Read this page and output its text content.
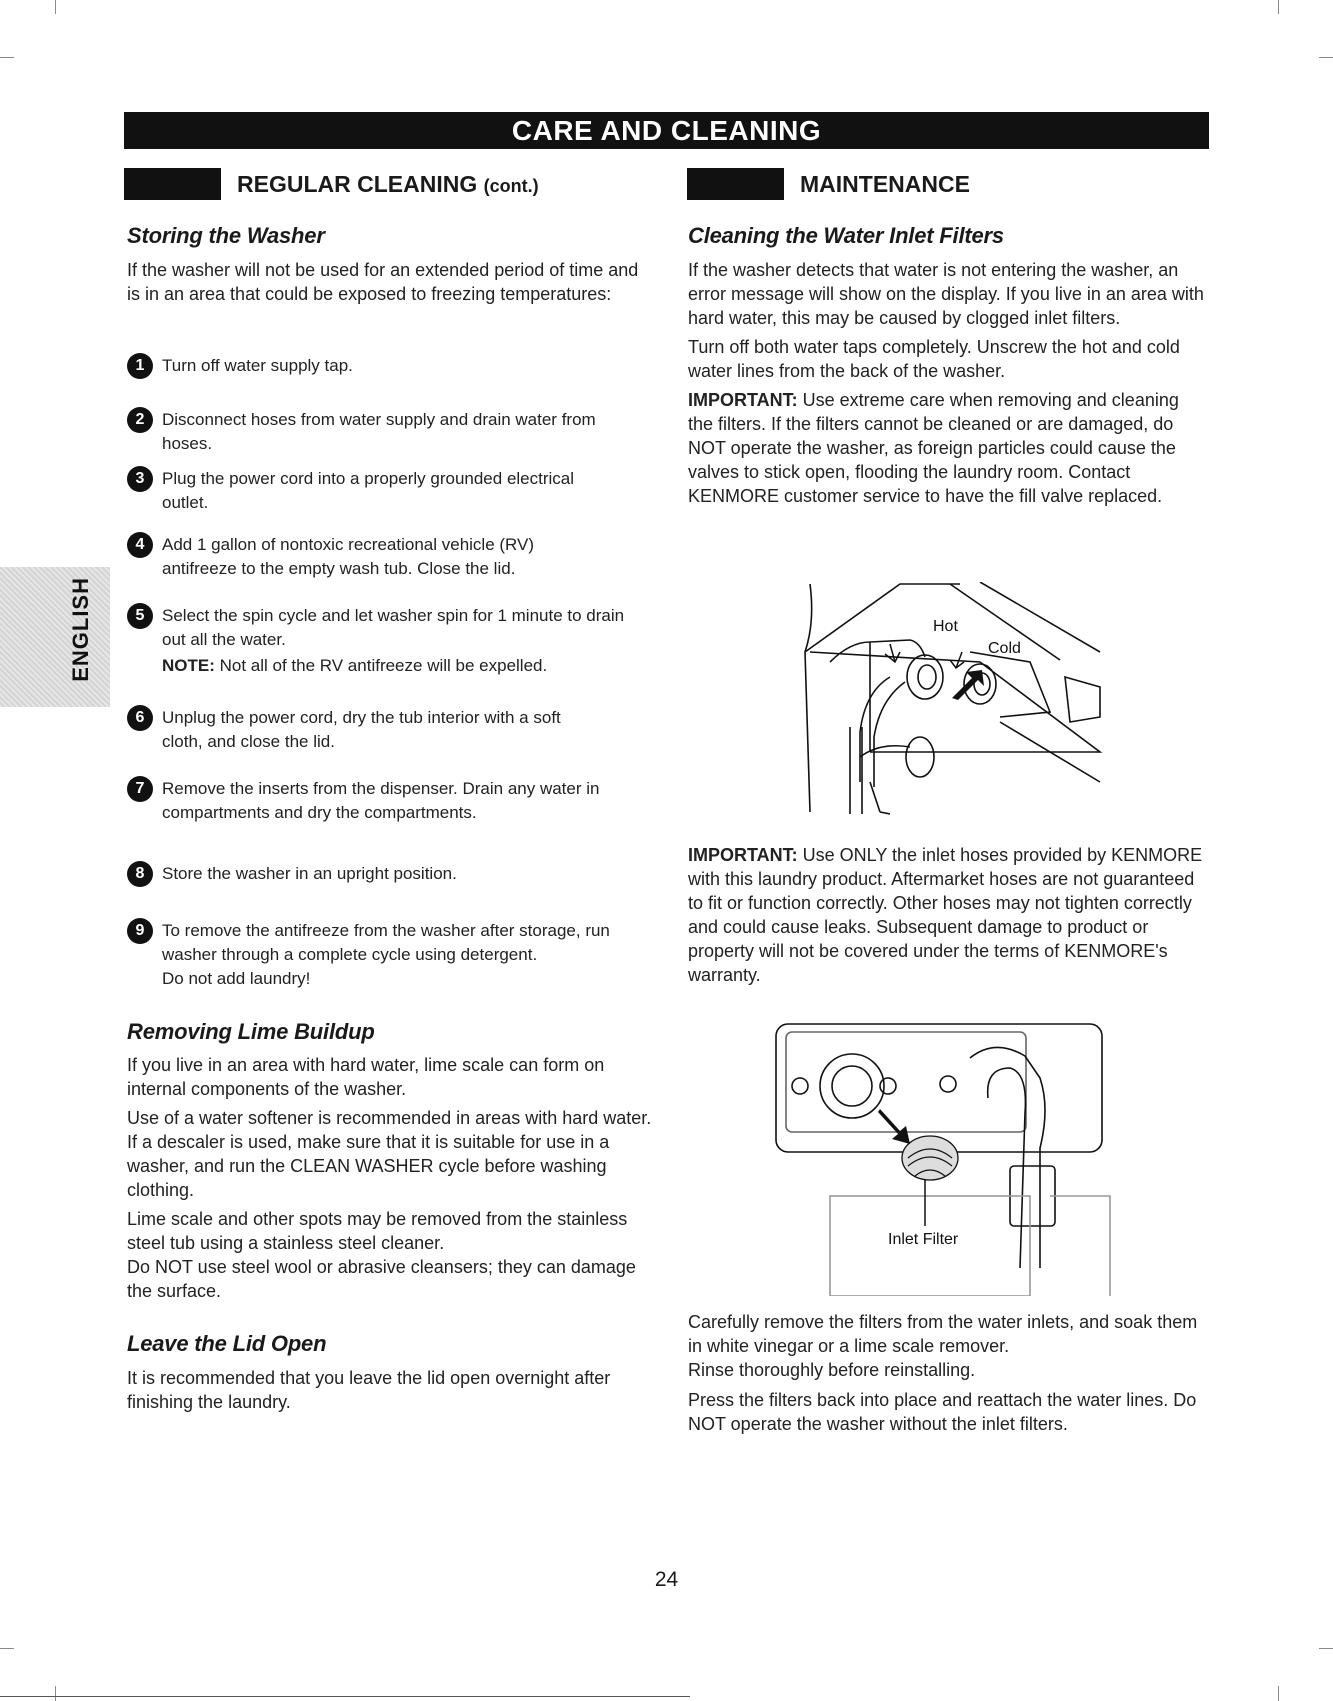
CARE AND CLEANING
REGULAR CLEANING (cont.)	MAINTENANCE
Storing the Washer

If the washer will not be used for an extended period of time and is in an area that could be exposed to freezing temperatures:

1	Turn off water supply tap.
2	Disconnect hoses from water supply and drain water from hoses.
3	Plug the power cord into a properly grounded electrical outlet.
4	Add 1 gallon of nontoxic recreational vehicle (RV) antifreeze to the empty wash tub. Close the lid.
5	Select the spin cycle and let washer spin for 1 minute to drain out all the water.
NOTE: Not all of the RV antifreeze will be expelled.
6	Unplug the power cord, dry the tub interior with a soft cloth, and close the lid.
7	Remove the inserts from the dispenser. Drain any water in compartments and dry the compartments.
8	Store the washer in an upright position.
9	To remove the antifreeze from the washer after storage, run washer through a complete cycle using detergent.
Do not add laundry!
Removing Lime Buildup

If you live in an area with hard water, lime scale can form on internal components of the washer.

Use of a water softener is recommended in areas with hard water. If a descaler is used, make sure that it is suitable for use in a washer, and run the CLEAN WASHER cycle before washing clothing.

Lime scale and other spots may be removed from the stainless steel tub using a stainless steel cleaner.

Do NOT use steel wool or abrasive cleansers; they can damage the surface.

Leave the Lid Open

It is recommended that you leave the lid open overnight after finishing the laundry.

ENGLISH
Cleaning the Water Inlet Filters

If the washer detects that water is not entering the washer, an error message will show on the display. If you live in an area with hard water, this may be caused by clogged inlet filters.

Turn off both water taps completely. Unscrew the hot and cold water lines from the back of the washer.

IMPORTANT: Use extreme care when removing and cleaning the filters. If the filters cannot be cleaned or are damaged, do NOT operate the washer, as foreign particles could cause the valves to stick open, flooding the laundry room. Contact KENMORE customer service to have the fill valve replaced.

Hot
Cold

IMPORTANT: Use ONLY the inlet hoses provided by KENMORE with this laundry product. Aftermarket hoses are not guaranteed to fit or function correctly. Other hoses may not tighten correctly and could cause leaks. Subsequent damage to product or property will not be covered under the terms of KENMORE's warranty.

Inlet Filter

Carefully remove the filters from the water inlets, and soak them in white vinegar or a lime scale remover.

Rinse thoroughly before reinstalling.

Press the filters back into place and reattach the water lines. Do NOT operate the washer without the inlet filters.

24
